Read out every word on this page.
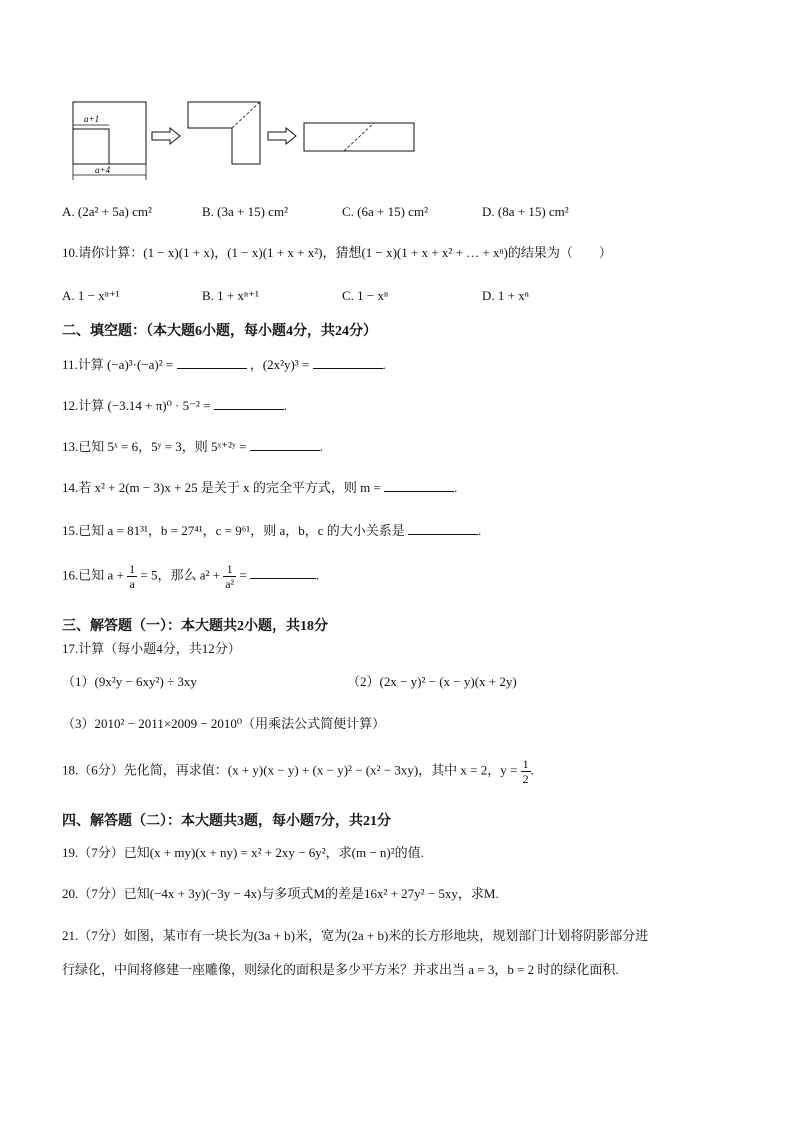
a+1
a+4
A. (2a² + 5a) cm²	B. (3a + 15) cm²	C. (6a + 15) cm²	D. (8a + 15) cm²
10.请你计算：(1 − x)(1 + x)，(1 − x)(1 + x + x²)，猜想(1 − x)(1 + x + x² + … + xⁿ)的结果为（　　）
A. 1 − xⁿ⁺¹	B. 1 + xⁿ⁺¹	C. 1 − xⁿ	D. 1 + xⁿ
二、填空题：（本大题6小题，每小题4分，共24分）
11.计算 (−a)³·(−a)² =	，(2x²y)³ =	.
12.计算 (−3.14 + π)⁰ · 5⁻² =	.
13.已知 5ˣ = 6，5ʸ = 3，则 5ˣ⁺²ʸ =	.
14.若 x² + 2(m − 3)x + 25 是关于 x 的完全平方式，则 m =	.
15.已知 a = 81³¹，b = 27⁴¹，c = 9⁶¹，则 a，b，c 的大小关系是	.
16.已知 $a + \frac{1}{a} = 5$，那么 $a^2 + \frac{1}{\text{a²}}$ =	.
三、解答题（一）：本大题共2小题，共18分
17.计算（每小题4分，共12分）
（1）(9x²y − 6xy²) ÷ 3xy	（2）(2x − y)² − (x − y)(x + 2y)
（3）2010² − 2011×2009 − 2010⁰（用乘法公式简便计算）
18.（6分）先化简，再求值：(x + y)(x − y) + (x − y)² − (x² − 3xy)，其中 x = 2，$y = \frac{1}{2}$ .
四、解答题（二）：本大题共3题，每小题7分，共21分
19.（7分）已知(x + my)(x + ny) = x² + 2xy − 6y²，求(m − n)²的值.
20.（7分）已知(−4x + 3y)(−3y − 4x)与多项式M的差是16x² + 27y² − 5xy，求M.
21.（7分）如图，某市有一块长为(3a + b)米，宽为(2a + b)米的长方形地块，规划部门计划将阴影部分进
行绿化，中间将修建一座雕像，则绿化的面积是多少平方米？并求出当 a = 3，b = 2 时的绿化面积.
